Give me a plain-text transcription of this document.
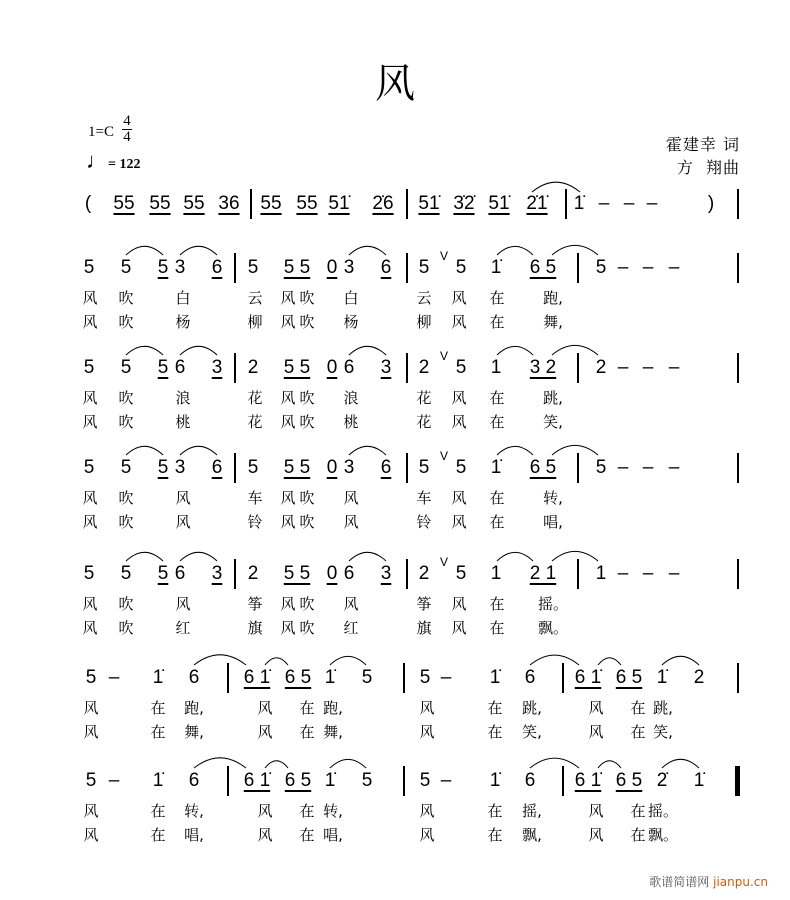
风
1=C
4
4
♩= 122
霍建幸 词
方  翔曲
( 55 55 55 36 55 55 51̇ 2̇6 51̇ 3̇2̇ 51̇ 2̇1̇ 1̇ – – –	)
5 5 5 3 6 5 5 5 0 3 6 5
V
5 1̇ 6 5 5 – – –
风 吹	白	云 风 吹 白	云 风 在	跑,
风 吹	杨	柳 风 吹 杨	柳 风 在	舞,
5 5 5 6 3 2 5 5 0 6 3 2
V
5 1 3 2 2 – – –
风 吹	浪	花 风 吹 浪	花 风 在	跳,
风 吹	桃	花 风 吹 桃	花 风 在	笑,
5 5 5 3 6 5 5 5 0 3 6 5
V
5 1̇ 6 5 5 – – –
风 吹	风	车 风 吹 风	车 风 在	转,
风 吹	风	铃 风 吹 风	铃 风 在	唱,
5 5 5 6 3 2 5 5 0 6 3 2
V
5 1 2 1 1 – – –
风 吹	风	筝 风 吹 风	筝 风 在 摇。
风 吹	红	旗 风 吹 红	旗 风 在 飘。
5 – 1̇ 6 6 1̇ 6 5 1̇ 5 5 – 1̇ 6 6 1̇ 6 5 1̇ 2
风	在 跑,	风 在 跑,	风	在 跳,	风 在 跳,
风	在 舞,	风 在 舞,	风	在 笑,	风 在 笑,
5 – 1̇ 6 6 1̇ 6 5 1̇ 5 5 – 1̇ 6 6 1̇ 6 5 2̇ 1̇
风	在 转,	风 在 转,	风	在 摇,	风 在 摇。
风	在 唱,	风 在 唱,	风	在 飘,	风 在 飘。
歌谱简谱网 jianpu.cn
